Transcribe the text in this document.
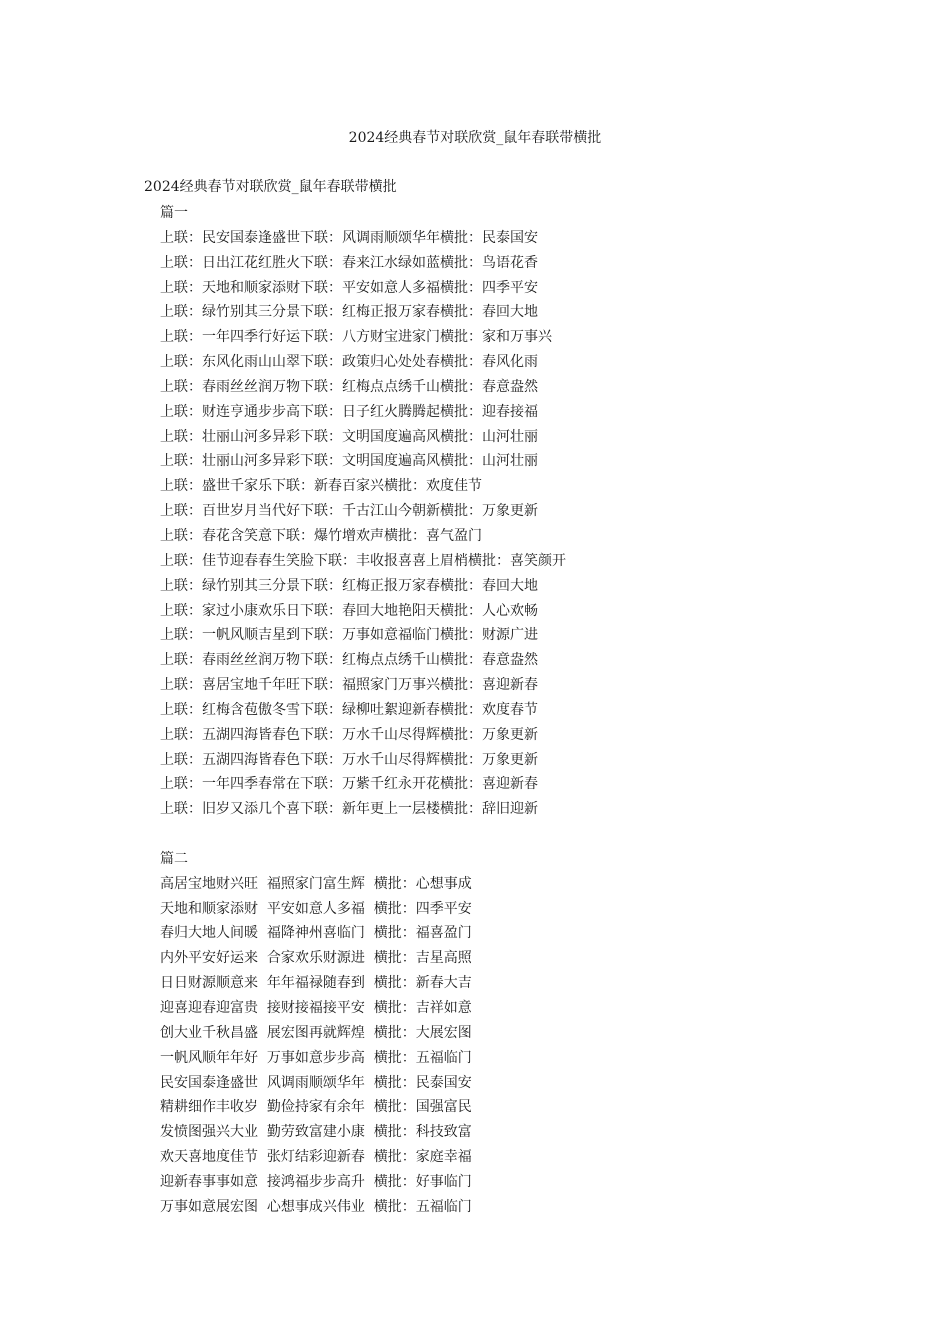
2024经典春节对联欣赏_鼠年春联带横批
2024经典春节对联欣赏_鼠年春联带横批
篇一
上联：民安国泰逢盛世下联：风调雨顺颂华年横批：民泰国安
上联：日出江花红胜火下联：春来江水绿如蓝横批：鸟语花香
上联：天地和顺家添财下联：平安如意人多福横批：四季平安
上联：绿竹别其三分景下联：红梅正报万家春横批：春回大地
上联：一年四季行好运下联：八方财宝进家门横批：家和万事兴
上联：东风化雨山山翠下联：政策归心处处春横批：春风化雨
上联：春雨丝丝润万物下联：红梅点点绣千山横批：春意盎然
上联：财连亨通步步高下联：日子红火腾腾起横批：迎春接福
上联：壮丽山河多异彩下联：文明国度遍高风横批：山河壮丽
上联：壮丽山河多异彩下联：文明国度遍高风横批：山河壮丽
上联：盛世千家乐下联：新春百家兴横批：欢度佳节
上联：百世岁月当代好下联：千古江山今朝新横批：万象更新
上联：春花含笑意下联：爆竹增欢声横批：喜气盈门
上联：佳节迎春春生笑脸下联：丰收报喜喜上眉梢横批：喜笑颜开
上联：绿竹别其三分景下联：红梅正报万家春横批：春回大地
上联：家过小康欢乐日下联：春回大地艳阳天横批：人心欢畅
上联：一帆风顺吉星到下联：万事如意福临门横批：财源广进
上联：春雨丝丝润万物下联：红梅点点绣千山横批：春意盎然
上联：喜居宝地千年旺下联：福照家门万事兴横批：喜迎新春
上联：红梅含苞傲冬雪下联：绿柳吐絮迎新春横批：欢度春节
上联：五湖四海皆春色下联：万水千山尽得辉横批：万象更新
上联：五湖四海皆春色下联：万水千山尽得辉横批：万象更新
上联：一年四季春常在下联：万紫千红永开花横批：喜迎新春
上联：旧岁又添几个喜下联：新年更上一层楼横批：辞旧迎新
篇二
高居宝地财兴旺  福照家门富生辉  横批：心想事成
天地和顺家添财  平安如意人多福  横批：四季平安
春归大地人间暖  福降神州喜临门  横批：福喜盈门
内外平安好运来  合家欢乐财源进  横批：吉星高照
日日财源顺意来  年年福禄随春到  横批：新春大吉
迎喜迎春迎富贵  接财接福接平安  横批：吉祥如意
创大业千秋昌盛  展宏图再就辉煌  横批：大展宏图
一帆风顺年年好  万事如意步步高  横批：五福临门
民安国泰逢盛世  风调雨顺颂华年  横批：民泰国安
精耕细作丰收岁  勤俭持家有余年  横批：国强富民
发愤图强兴大业  勤劳致富建小康  横批：科技致富
欢天喜地度佳节  张灯结彩迎新春  横批：家庭幸福
迎新春事事如意  接鸿福步步高升  横批：好事临门
万事如意展宏图  心想事成兴伟业  横批：五福临门
